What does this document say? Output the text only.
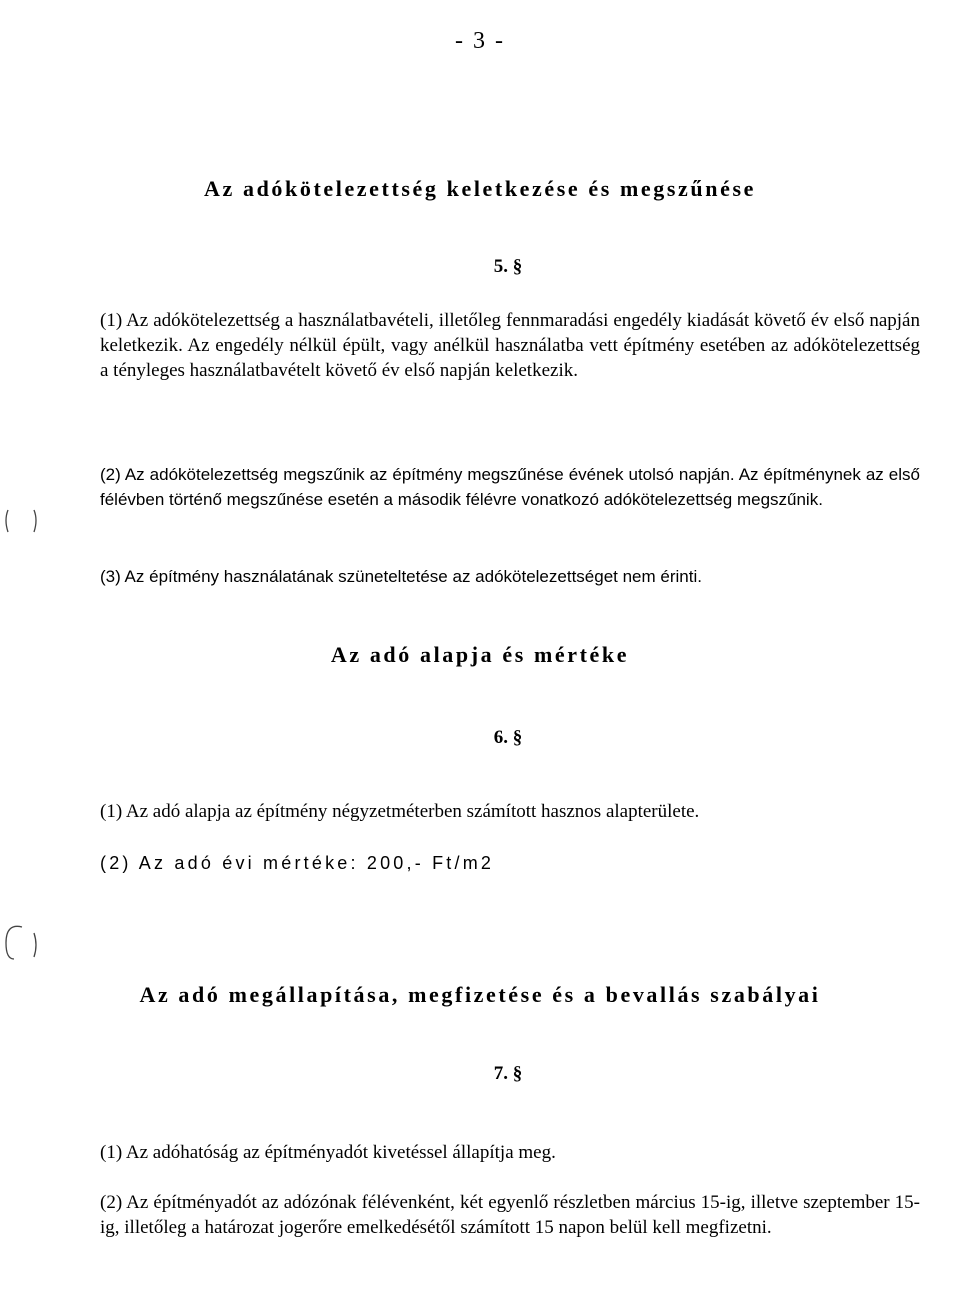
- 3 -
Az adókötelezettség keletkezése és megszűnése
5. §
(1) Az adókötelezettség a használatbavételi, illetőleg fennmaradási engedély kiadását követő év első napján keletkezik. Az engedély nélkül épült, vagy anélkül használatba vett építmény esetében az adókötelezettség a tényleges használatbavételt követő év első napján keletkezik.
(2) Az adókötelezettség megszűnik az építmény megszűnése évének utolsó napján. Az építménynek az első félévben történő megszűnése esetén a második félévre vonatkozó adókötelezettség megszűnik.
(3) Az építmény használatának szüneteltetése az adókötelezettséget nem érinti.
Az adó alapja és mértéke
6. §
(1) Az adó alapja az építmény négyzetméterben számított hasznos alapterülete.
(2) Az adó évi mértéke: 200,- Ft/m2
Az adó megállapítása, megfizetése és a bevallás szabályai
7. §
(1) Az adóhatóság az építményadót kivetéssel állapítja meg.
(2) Az építményadót az adózónak félévenként, két egyenlő részletben március 15-ig, illetve szeptember 15-ig, illetőleg a határozat jogerőre emelkedésétől számított 15 napon belül kell megfizetni.
